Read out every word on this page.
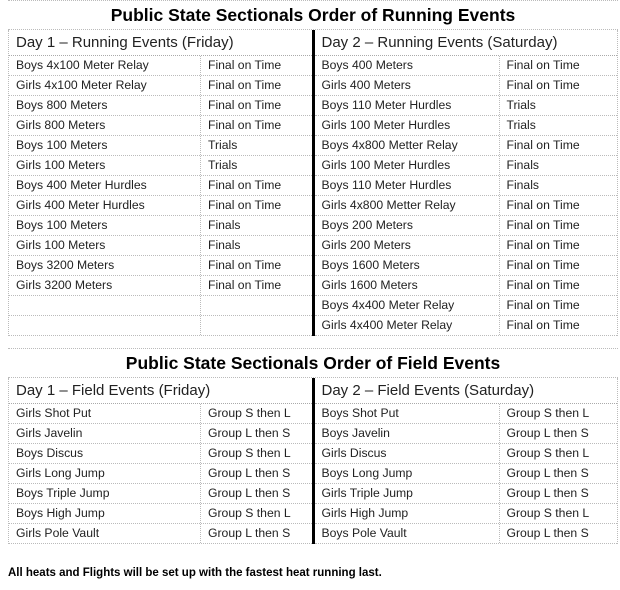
Public State Sectionals Order of Running Events
Day 1 – Running Events (Friday)
Boys 4x100 Meter Relay	Final on Time
Girls 4x100 Meter Relay	Final on Time
Boys 800 Meters	Final on Time
Girls 800 Meters	Final on Time
Boys 100 Meters	Trials
Girls 100 Meters	Trials
Boys 400 Meter Hurdles	Final on Time
Girls 400 Meter Hurdles	Final on Time
Boys 100 Meters	Finals
Girls 100 Meters	Finals
Boys 3200 Meters	Final on Time
Girls 3200 Meters	Final on Time
Day 2 – Running Events (Saturday)
Boys 400 Meters	Final on Time
Girls 400 Meters	Final on Time
Boys 110 Meter Hurdles	Trials
Girls 100 Meter Hurdles	Trials
Boys 4x800 Metter Relay	Final on Time
Girls 100 Meter Hurdles	Finals
Boys 110 Meter Hurdles	Finals
Girls 4x800 Metter Relay	Final on Time
Boys 200 Meters	Final on Time
Girls 200 Meters	Final on Time
Boys 1600 Meters	Final on Time
Girls 1600 Meters	Final on Time
Boys 4x400 Meter Relay	Final on Time
Girls 4x400 Meter Relay	Final on Time
Public State Sectionals Order of Field Events
Day 1 – Field Events (Friday)
Girls Shot Put	Group S then L
Girls Javelin	Group L then S
Boys Discus	Group S then L
Girls Long Jump	Group L then S
Boys Triple Jump	Group L then S
Boys High Jump	Group S then L
Girls Pole Vault	Group L then S
Day 2 – Field Events (Saturday)
Boys Shot Put	Group S then L
Boys Javelin	Group L then S
Girls Discus	Group S then L
Boys Long Jump	Group L then S
Girls Triple Jump	Group L then S
Girls High Jump	Group S then L
Boys Pole Vault	Group L then S
All heats and Flights will be set up with the fastest heat running last.
